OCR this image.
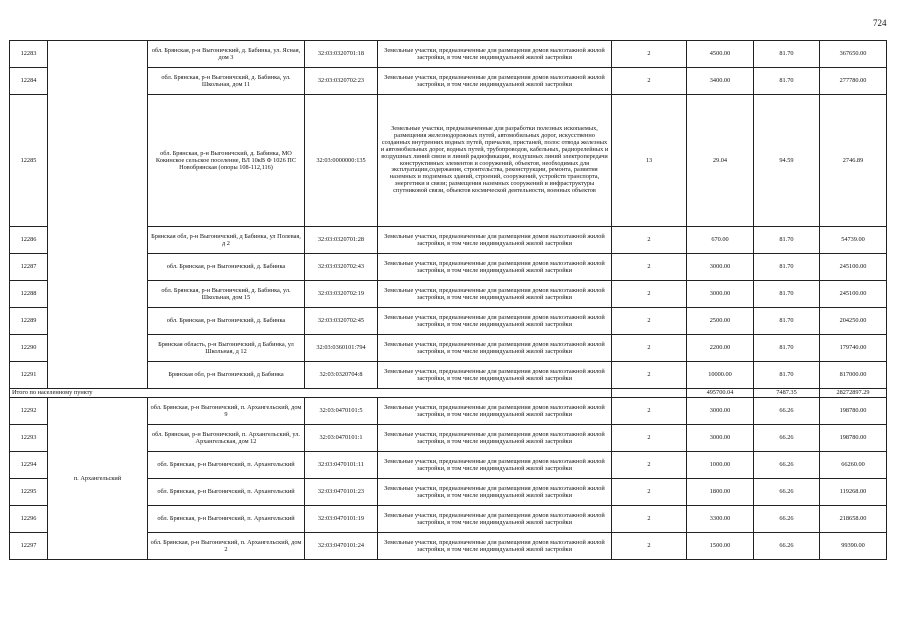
724
12283		обл. Брянская, р-н Выгоничский, д. Бабинка, ул. Ясная, дом 3	32:03:0320701:18	Земельные участки, предназначенные для размещения домов малоэтажной жилой застройки, в том числе индивидуальной жилой застройки	2	4500.00	81.70	367650.00
12284		обл. Брянская, р-н Выгоничский, д. Бабинка, ул. Школьная, дом 11	32:03:0320702:23	Земельные участки, предназначенные для размещения домов малоэтажной жилой застройки, в том числе индивидуальной жилой застройки	2	3400.00	81.70	277780.00
12285		обл. Брянская, р-н Выгоничский, д. Бабинка, МО Кокинское сельское поселение, ВЛ 10кВ Ф 1026 ПС Новобрянская (опоры 108-112,116)	32:03:0000000:135	Земельные участки, предназначенные для разработки полезных ископаемых, размещения железнодорожных путей, автомобильных дорог, искусственно созданных внутренних водных путей, причалов, пристаней, полос отвода железных и автомобильных дорог, водных путей, трубопроводов, кабельных, радиорелейных и воздушных линий связи и линий радиофикации, воздушных линий электропередачи конструктивных элементов и сооружений, объектов, необходимых для эксплуатации,содержания, строительства, реконструкции, ремонта, развития наземных и подземных зданий, строений, сооружений, устройств транспорта, энергетики и связи; размещения наземных сооружений и инфраструктуры спутниковой связи, объектов космической деятельности, военных объектов	13	29.04	94.59	2746.89
12286		Брянская обл, р-н Выгоничский, д Бабинка, ул Полевая, д 2	32:03:0320701:28	Земельные участки, предназначенные для размещения домов малоэтажной жилой застройки, в том числе индивидуальной жилой застройки	2	670.00	81.70	54739.00
12287		обл. Брянская, р-н Выгоничский, д. Бабинка	32:03:0320702:43	Земельные участки, предназначенные для размещения домов малоэтажной жилой застройки, в том числе индивидуальной жилой застройки	2	3000.00	81.70	245100.00
12288		обл. Брянская, р-н Выгоничский, д. Бабинка, ул. Школьная, дом 15	32:03:0320702:19	Земельные участки, предназначенные для размещения домов малоэтажной жилой застройки, в том числе индивидуальной жилой застройки	2	3000.00	81.70	245100.00
12289		обл. Брянская, р-н Выгоничский, д. Бабинка	32:03:0320702:45	Земельные участки, предназначенные для размещения домов малоэтажной жилой застройки, в том числе индивидуальной жилой застройки	2	2500.00	81.70	204250.00
12290		Брянская область, р-н Выгоничский, д Бабинка, ул Школьная, д 12	32:03:0360101:794	Земельные участки, предназначенные для размещения домов малоэтажной жилой застройки, в том числе индивидуальной жилой застройки	2	2200.00	81.70	179740.00
12291		Брянская обл, р-н Выгоничский, д Бабинка	32:03:0320704:8	Земельные участки, предназначенные для размещения домов малоэтажной жилой застройки, в том числе индивидуальной жилой застройки	2	10000.00	81.70	817000.00
Итого по населенному пункту						495700.04	7487.35	28272897.29
12292	п. Архангельский	обл. Брянская, р-н Выгоничский, п. Архангельский, дом 9	32:03:0470101:5	Земельные участки, предназначенные для размещения домов малоэтажной жилой застройки, в том числе индивидуальной жилой застройки	2	3000.00	66.26	198780.00
12293		обл. Брянская, р-н Выгоничский, п. Архангельский, ул. Архангельская, дом 12	32:03:0470101:1	Земельные участки, предназначенные для размещения домов малоэтажной жилой застройки, в том числе индивидуальной жилой застройки	2	3000.00	66.26	198780.00
12294		обл. Брянская, р-н Выгоничский, п. Архангельский	32:03:0470101:11	Земельные участки, предназначенные для размещения домов малоэтажной жилой застройки, в том числе индивидуальной жилой застройки	2	1000.00	66.26	66260.00
12295		обл. Брянская, р-н Выгоничский, п. Архангельский	32:03:0470101:23	Земельные участки, предназначенные для размещения домов малоэтажной жилой застройки, в том числе индивидуальной жилой застройки	2	1800.00	66.26	119268.00
12296		обл. Брянская, р-н Выгоничский, п. Архангельский	32:03:0470101:19	Земельные участки, предназначенные для размещения домов малоэтажной жилой застройки, в том числе индивидуальной жилой застройки	2	3300.00	66.26	218658.00
12297		обл. Брянская, р-н Выгоничский, п. Архангельский, дом 2	32:03:0470101:24	Земельные участки, предназначенные для размещения домов малоэтажной жилой застройки, в том числе индивидуальной жилой застройки	2	1500.00	66.26	99390.00
